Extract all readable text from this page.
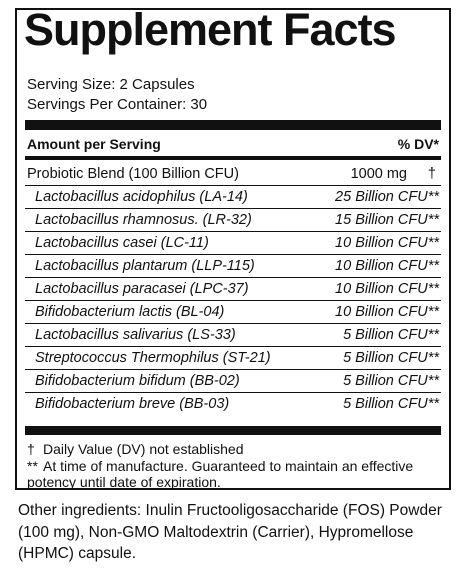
Supplement Facts
Serving Size: 2 Capsules
Servings Per Container: 30
Amount per Serving	% DV*
Probiotic Blend (100 Billion CFU)	1000 mg †
Lactobacillus acidophilus (LA-14)	25 Billion CFU**
Lactobacillus rhamnosus. (LR-32)	15 Billion CFU**
Lactobacillus casei (LC-11)	10 Billion CFU**
Lactobacillus plantarum (LLP-115)	10 Billion CFU**
Lactobacillus paracasei (LPC-37)	10 Billion CFU**
Bifidobacterium lactis (BL-04)	10 Billion CFU**
Lactobacillus salivarius (LS-33)	5 Billion CFU**
Streptococcus Thermophilus (ST-21)	5 Billion CFU**
Bifidobacterium bifidum (BB-02)	5 Billion CFU**
Bifidobacterium breve (BB-03)	5 Billion CFU**
† Daily Value (DV) not established
** At time of manufacture. Guaranteed to maintain an effective
potency until date of expiration.
Other ingredients: Inulin Fructooligosaccharide (FOS) Powder (100 mg), Non-GMO Maltodextrin (Carrier), Hypromellose (HPMC) capsule.
